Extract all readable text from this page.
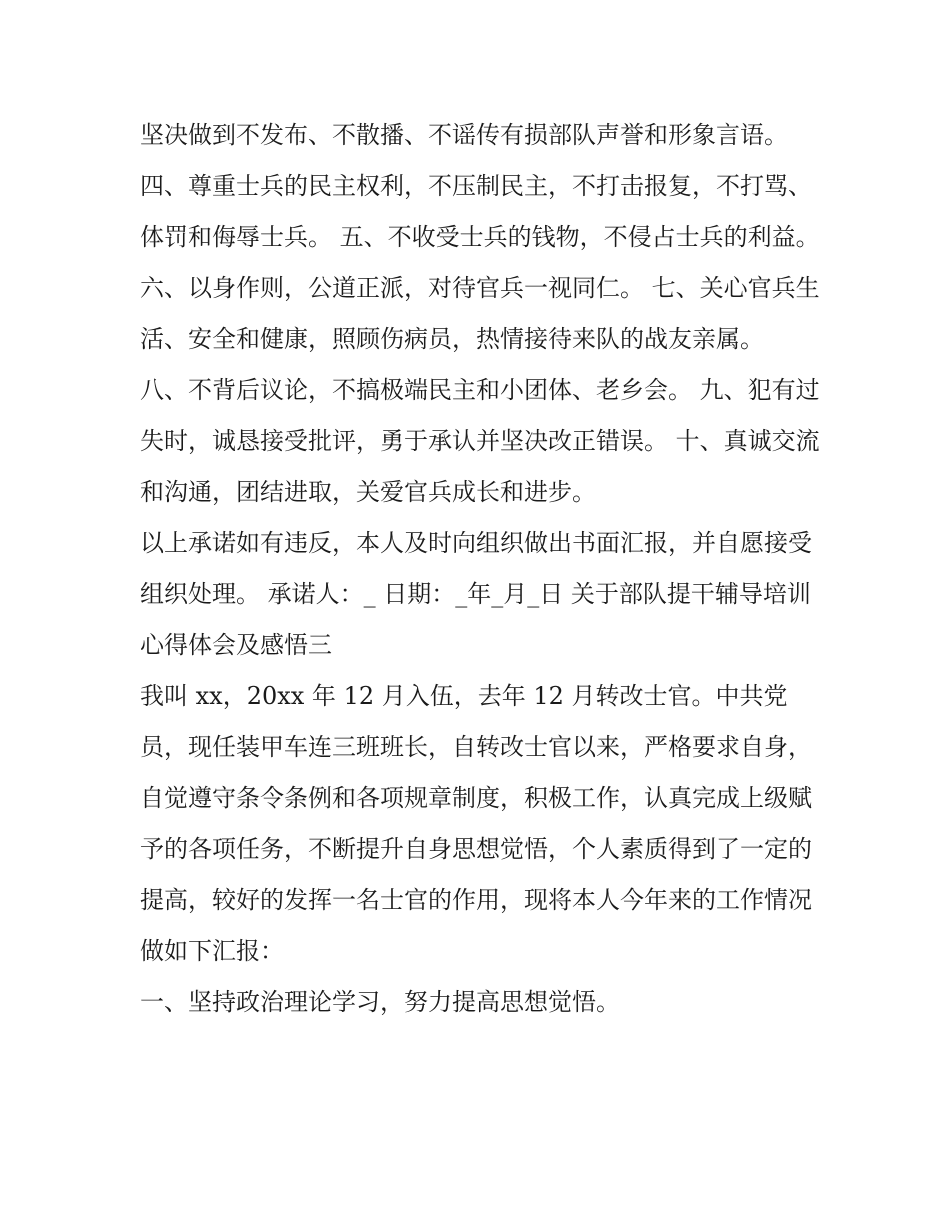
坚决做到不发布、不散播、不谣传有损部队声誉和形象言语。

四、尊重士兵的民主权利，不压制民主，不打击报复，不打骂、体罚和侮辱士兵。 五、不收受士兵的钱物，不侵占士兵的利益。

六、以身作则，公道正派，对待官兵一视同仁。 七、关心官兵生活、安全和健康，照顾伤病员，热情接待来队的战友亲属。

八、不背后议论，不搞极端民主和小团体、老乡会。 九、犯有过失时，诚恳接受批评，勇于承认并坚决改正错误。 十、真诚交流和沟通，团结进取，关爱官兵成长和进步。

以上承诺如有违反，本人及时向组织做出书面汇报，并自愿接受组织处理。 承诺人：_ 日期：_年_月_日 关于部队提干辅导培训心得体会及感悟三

我叫 xx，20xx 年 12 月入伍，去年 12 月转改士官。中共党员，现任装甲车连三班班长，自转改士官以来，严格要求自身，自觉遵守条令条例和各项规章制度，积极工作，认真完成上级赋予的各项任务，不断提升自身思想觉悟，个人素质得到了一定的提高，较好的发挥一名士官的作用，现将本人今年来的工作情况做如下汇报：

一、坚持政治理论学习，努力提高思想觉悟。
